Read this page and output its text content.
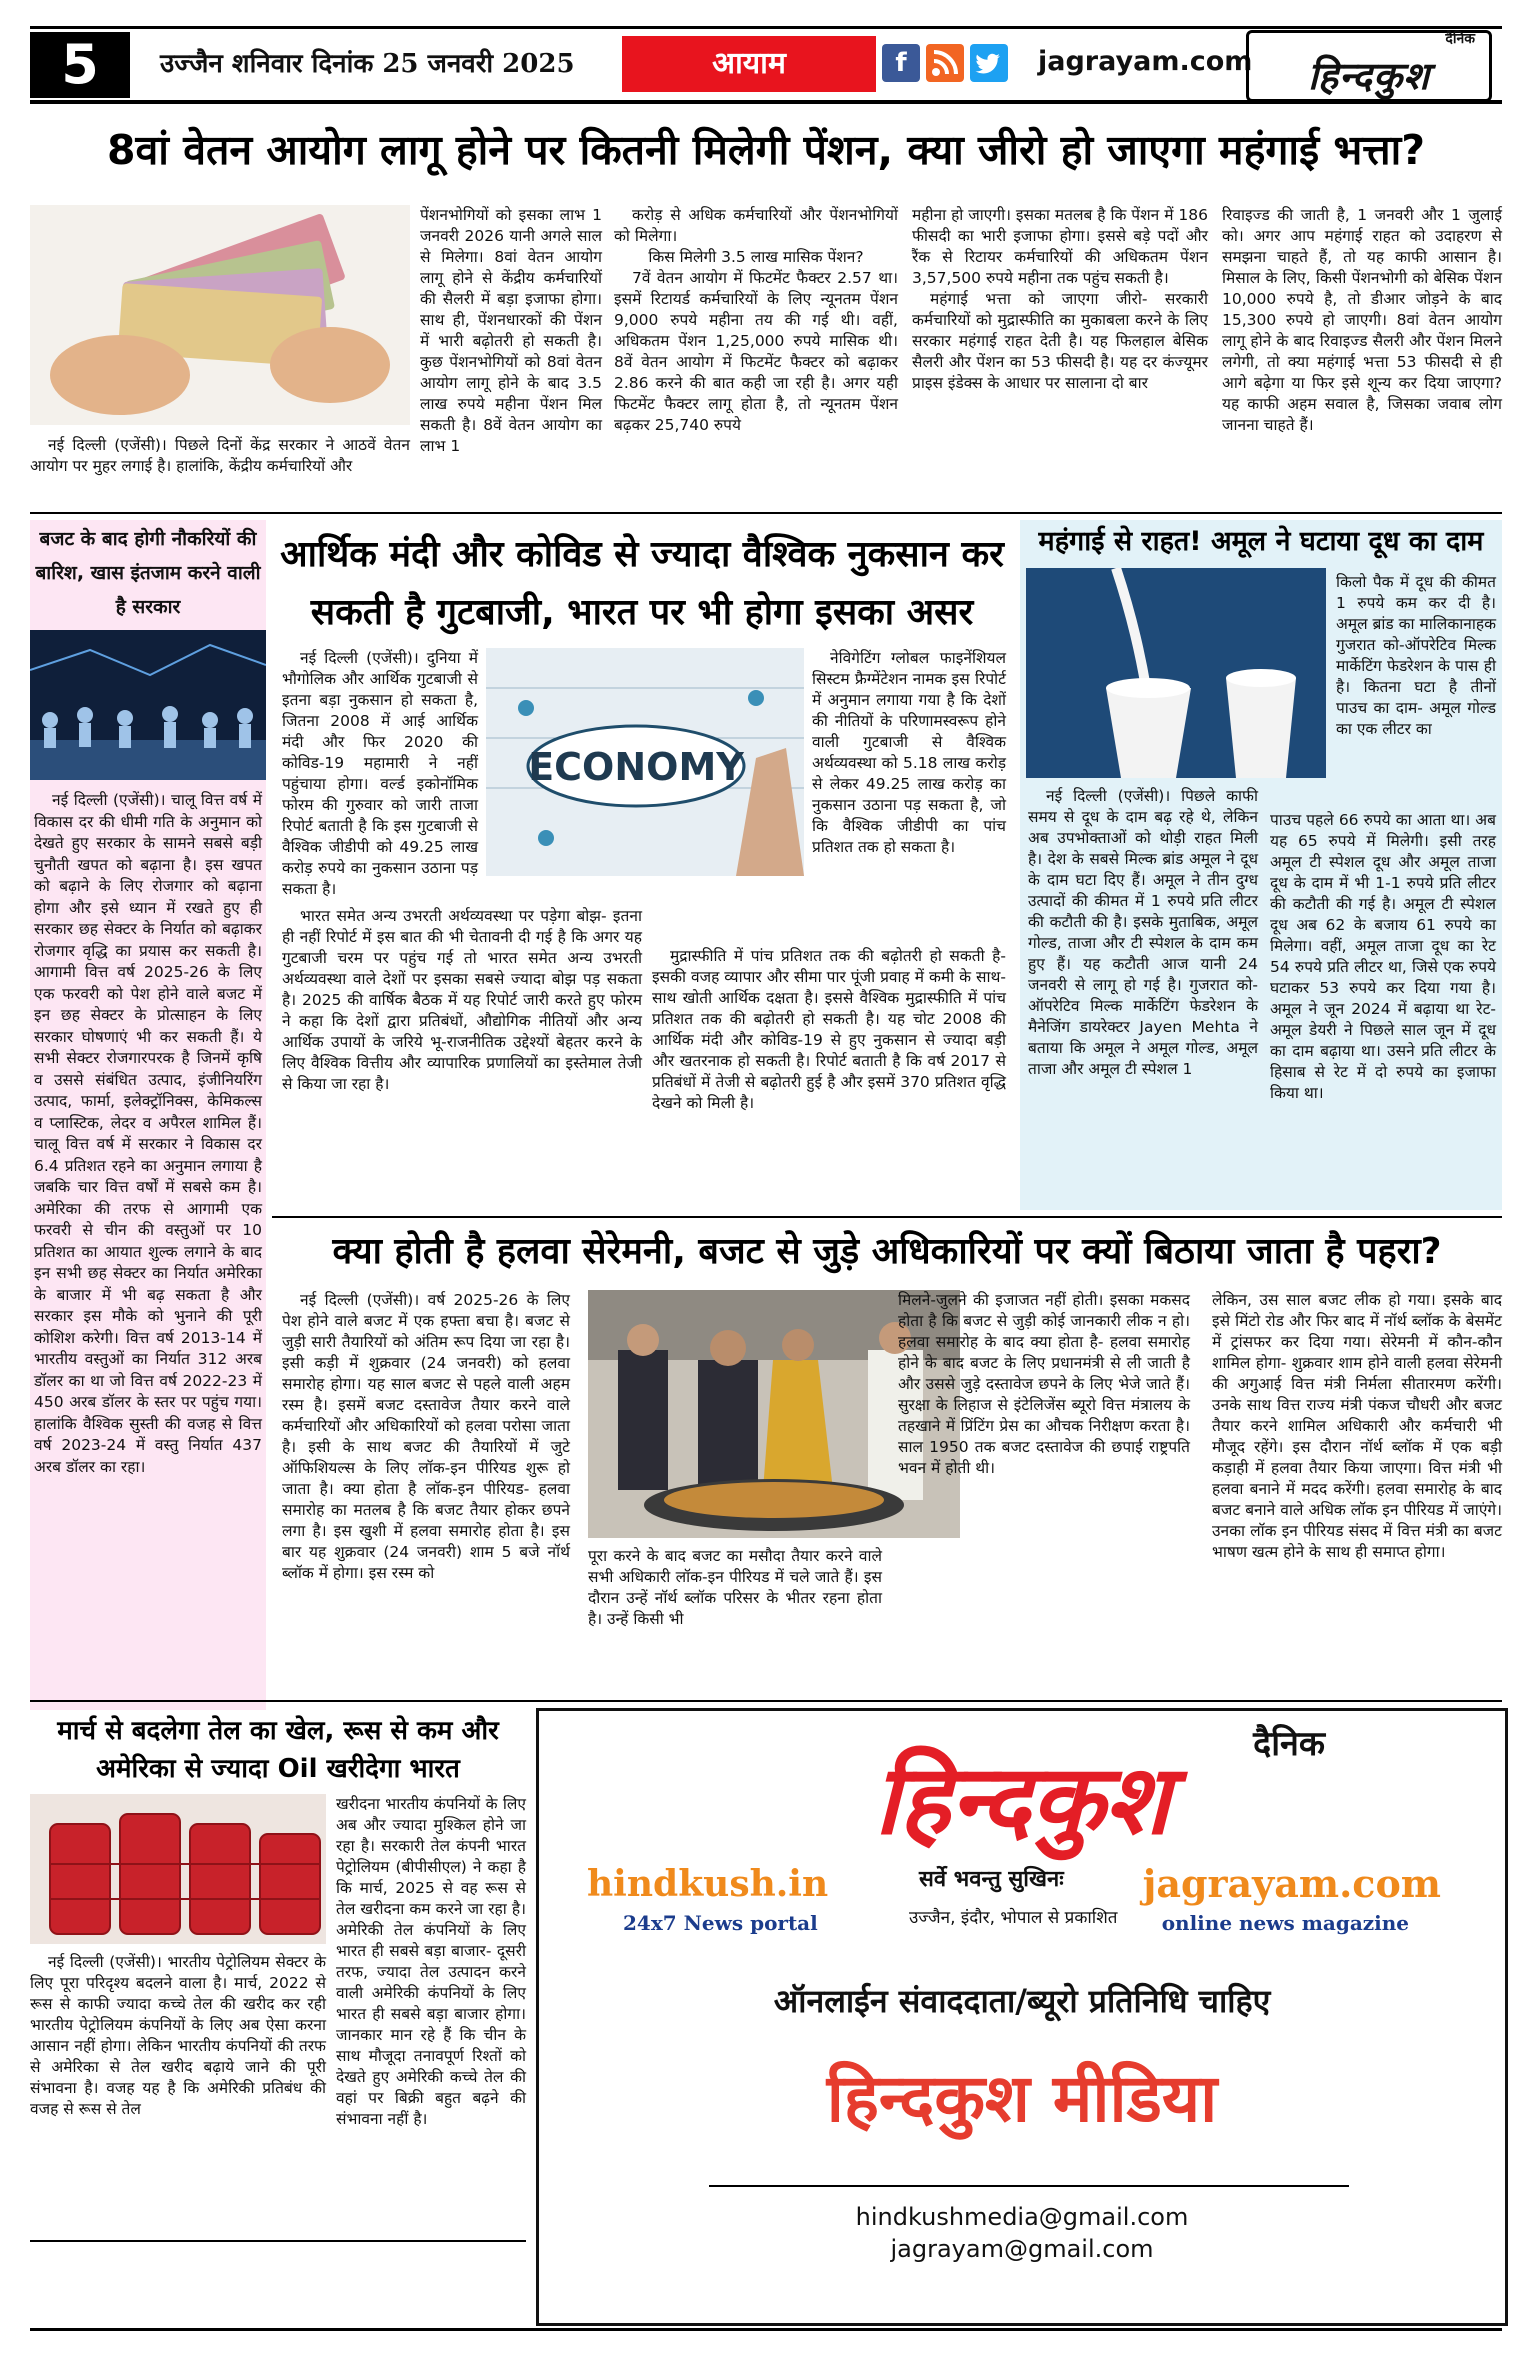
5	उज्जैन शनिवार दिनांक 25 जनवरी 2025	आयाम	f	jagrayam.com
दैनिक
हिन्दकुश
8वां वेतन आयोग लागू होने पर कितनी मिलेगी पेंशन, क्या जीरो हो जाएगा महंगाई भत्ता?
नई दिल्ली (एजेंसी)। पिछले दिनों केंद्र सरकार ने आठवें वेतन आयोग पर मुहर लगाई है। हालांकि, केंद्रीय कर्मचारियों और
पेंशनभोगियों को इसका लाभ 1 जनवरी 2026 यानी अगले साल से मिलेगा। 8वां वेतन आयोग लागू होने से केंद्रीय कर्मचारियों की सैलरी में बड़ा इजाफा होगा। साथ ही, पेंशनधारकों की पेंशन में भारी बढ़ोतरी हो सकती है। कुछ पेंशनभोगियों को 8वां वेतन आयोग लागू होने के बाद 3.5 लाख रुपये महीना पेंशन मिल सकती है। 8वें वेतन आयोग का लाभ 1

करोड़ से अधिक कर्मचारियों और पेंशनभोगियों को मिलेगा।

किस मिलेगी 3.5 लाख मासिक पेंशन?

7वें वेतन आयोग में फिटमेंट फैक्टर 2.57 था। इसमें रिटायर्ड कर्मचारियों के लिए न्यूनतम पेंशन 9,000 रुपये महीना तय की गई थी। वहीं, अधिकतम पेंशन 1,25,000 रुपये मासिक थी। 8वें वेतन आयोग में फिटमेंट फैक्टर को बढ़ाकर 2.86 करने की बात कही जा रही है। अगर यही फिटमेंट फैक्टर लागू होता है, तो न्यूनतम पेंशन बढ़कर 25,740 रुपये

महीना हो जाएगी। इसका मतलब है कि पेंशन में 186 फीसदी का भारी इजाफा होगा। इससे बड़े पदों और रैंक से रिटायर कर्मचारियों की अधिकतम पेंशन 3,57,500 रुपये महीना तक पहुंच सकती है।

महंगाई भत्ता को जाएगा जीरो- सरकारी कर्मचारियों को मुद्रास्फीति का मुकाबला करने के लिए सरकार महंगाई राहत देती है। यह फिलहाल बेसिक सैलरी और पेंशन का 53 फीसदी है। यह दर कंज्यूमर प्राइस इंडेक्स के आधार पर सालाना दो बार

रिवाइज्ड की जाती है, 1 जनवरी और 1 जुलाई को। अगर आप महंगाई राहत को उदाहरण से समझना चाहते हैं, तो यह काफी आसान है। मिसाल के लिए, किसी पेंशनभोगी को बेसिक पेंशन 10,000 रुपये है, तो डीआर जोड़ने के बाद 15,300 रुपये हो जाएगी। 8वां वेतन आयोग लागू होने के बाद रिवाइज्ड सैलरी और पेंशन मिलने लगेगी, तो क्या महंगाई भत्ता 53 फीसदी से ही आगे बढ़ेगा या फिर इसे शून्य कर दिया जाएगा? यह काफी अहम सवाल है, जिसका जवाब लोग जानना चाहते हैं।
बजट के बाद होगी नौकरियों की बारिश, खास इंतजाम करने वाली है सरकार
नई दिल्ली (एजेंसी)। चालू वित्त वर्ष में विकास दर की धीमी गति के अनुमान को देखते हुए सरकार के सामने सबसे बड़ी चुनौती खपत को बढ़ाना है। इस खपत को बढ़ाने के लिए रोजगार को बढ़ाना होगा और इसे ध्यान में रखते हुए ही सरकार छह सेक्टर के निर्यात को बढ़ाकर रोजगार वृद्धि का प्रयास कर सकती है। आगामी वित्त वर्ष 2025-26 के लिए एक फरवरी को पेश होने वाले बजट में इन छह सेक्टर के प्रोत्साहन के लिए सरकार घोषणाएं भी कर सकती हैं। ये सभी सेक्टर रोजगारपरक है जिनमें कृषि व उससे संबंधित उत्पाद, इंजीनियरिंग उत्पाद, फार्मा, इलेक्ट्रॉनिक्स, केमिकल्स व प्लास्टिक, लेदर व अपैरल शामिल हैं। चालू वित्त वर्ष में सरकार ने विकास दर 6.4 प्रतिशत रहने का अनुमान लगाया है जबकि चार वित्त वर्षों में सबसे कम है। अमेरिका की तरफ से आगामी एक फरवरी से चीन की वस्तुओं पर 10 प्रतिशत का आयात शुल्क लगाने के बाद इन सभी छह सेक्टर का निर्यात अमेरिका के बाजार में भी बढ़ सकता है और सरकार इस मौके को भुनाने की पूरी कोशिश करेगी। वित्त वर्ष 2013-14 में भारतीय वस्तुओं का निर्यात 312 अरब डॉलर का था जो वित्त वर्ष 2022-23 में 450 अरब डॉलर के स्तर पर पहुंच गया। हालांकि वैश्विक सुस्ती की वजह से वित्त वर्ष 2023-24 में वस्तु निर्यात 437 अरब डॉलर का रहा।
आर्थिक मंदी और कोविड से ज्यादा वैश्विक नुकसान कर सकती है गुटबाजी, भारत पर भी होगा इसका असर
नई दिल्ली (एजेंसी)। दुनिया में भौगोलिक और आर्थिक गुटबाजी से इतना बड़ा नुकसान हो सकता है, जितना 2008 में आई आर्थिक मंदी और फिर 2020 की कोविड-19 महामारी ने नहीं पहुंचाया होगा। वर्ल्ड इकोनॉमिक फोरम की गुरुवार को जारी ताजा रिपोर्ट बताती है कि इस गुटबाजी से वैश्विक जीडीपी को 49.25 लाख करोड़ रुपये का नुकसान उठाना पड़ सकता है।
ECONOMY
भारत समेत अन्य उभरती अर्थव्यवस्था पर पड़ेगा बोझ- इतना ही नहीं रिपोर्ट में इस बात की भी चेतावनी दी गई है कि अगर यह गुटबाजी चरम पर पहुंच गई तो भारत समेत अन्य उभरती अर्थव्यवस्था वाले देशों पर इसका सबसे ज्यादा बोझ पड़ सकता है। 2025 की वार्षिक बैठक में यह रिपोर्ट जारी करते हुए फोरम ने कहा कि देशों द्वारा प्रतिबंधों, औद्योगिक नीतियों और अन्य आर्थिक उपायों के जरिये भू-राजनीतिक उद्देश्यों बेहतर करने के लिए वैश्विक वित्तीय और व्यापारिक प्रणालियों का इस्तेमाल तेजी से किया जा रहा है।
नेविगेटिंग ग्लोबल फाइनेंशियल सिस्टम फ्रैग्मेंटेशन नामक इस रिपोर्ट में अनुमान लगाया गया है कि देशों की नीतियों के परिणामस्वरूप होने वाली गुटबाजी से वैश्विक अर्थव्यवस्था को 5.18 लाख करोड़ से लेकर 49.25 लाख करोड़ का नुकसान उठाना पड़ सकता है, जो कि वैश्विक जीडीपी का पांच प्रतिशत तक हो सकता है।
मुद्रास्फीति में पांच प्रतिशत तक की बढ़ोतरी हो सकती है- इसकी वजह व्यापार और सीमा पार पूंजी प्रवाह में कमी के साथ-साथ खोती आर्थिक दक्षता है। इससे वैश्विक मुद्रास्फीति में पांच प्रतिशत तक की बढ़ोतरी हो सकती है। यह चोट 2008 की आर्थिक मंदी और कोविड-19 से हुए नुकसान से ज्यादा बड़ी और खतरनाक हो सकती है। रिपोर्ट बताती है कि वर्ष 2017 से प्रतिबंधों में तेजी से बढ़ोतरी हुई है और इसमें 370 प्रतिशत वृद्धि देखने को मिली है।
महंगाई से राहत! अमूल ने घटाया दूध का दाम
किलो पैक में दूध की कीमत 1 रुपये कम कर दी है। अमूल ब्रांड का मालिकानाहक गुजरात को-ऑपरेटिव मिल्क मार्केटिंग फेडरेशन के पास ही है। कितना घटा है तीनों पाउच का दाम- अमूल गोल्ड का एक लीटर का
नई दिल्ली (एजेंसी)। पिछले काफी समय से दूध के दाम बढ़ रहे थे, लेकिन अब उपभोक्ताओं को थोड़ी राहत मिली है। देश के सबसे मिल्क ब्रांड अमूल ने दूध के दाम घटा दिए हैं। अमूल ने तीन दुग्ध उत्पादों की कीमत में 1 रुपये प्रति लीटर की कटौती की है। इसके मुताबिक, अमूल गोल्ड, ताजा और टी स्पेशल के दाम कम हुए हैं। यह कटौती आज यानी 24 जनवरी से लागू हो गई है। गुजरात को-ऑपरेटिव मिल्क मार्केटिंग फेडरेशन के मैनेजिंग डायरेक्टर Jayen Mehta ने बताया कि अमूल ने अमूल गोल्ड, अमूल ताजा और अमूल टी स्पेशल 1
पाउच पहले 66 रुपये का आता था। अब यह 65 रुपये में मिलेगी। इसी तरह अमूल टी स्पेशल दूध और अमूल ताजा दूध के दाम में भी 1-1 रुपये प्रति लीटर की कटौती की गई है। अमूल टी स्पेशल दूध अब 62 के बजाय 61 रुपये का मिलेगा। वहीं, अमूल ताजा दूध का रेट 54 रुपये प्रति लीटर था, जिसे एक रुपये घटाकर 53 रुपये कर दिया गया है। अमूल ने जून 2024 में बढ़ाया था रेट- अमूल डेयरी ने पिछले साल जून में दूध का दाम बढ़ाया था। उसने प्रति लीटर के हिसाब से रेट में दो रुपये का इजाफा किया था।
क्या होती है हलवा सेरेमनी, बजट से जुड़े अधिकारियों पर क्यों बिठाया जाता है पहरा?
नई दिल्ली (एजेंसी)। वर्ष 2025-26 के लिए पेश होने वाले बजट में एक हफ्ता बचा है। बजट से जुड़ी सारी तैयारियों को अंतिम रूप दिया जा रहा है। इसी कड़ी में शुक्रवार (24 जनवरी) को हलवा समारोह होगा। यह साल बजट से पहले वाली अहम रस्म है। इसमें बजट दस्तावेज तैयार करने वाले कर्मचारियों और अधिकारियों को हलवा परोसा जाता है। इसी के साथ बजट की तैयारियों में जुटे ऑफिशियल्स के लिए लॉक-इन पीरियड शुरू हो जाता है। क्या होता है लॉक-इन पीरियड- हलवा समारोह का मतलब है कि बजट तैयार होकर छपने लगा है। इस खुशी में हलवा समारोह होता है। इस बार यह शुक्रवार (24 जनवरी) शाम 5 बजे नॉर्थ ब्लॉक में होगा। इस रस्म को
पूरा करने के बाद बजट का मसौदा तैयार करने वाले सभी अधिकारी लॉक-इन पीरियड में चले जाते हैं। इस दौरान उन्हें नॉर्थ ब्लॉक परिसर के भीतर रहना होता है। उन्हें किसी भी
मिलने-जुलने की इजाजत नहीं होती। इसका मकसद होता है कि बजट से जुड़ी कोई जानकारी लीक न हो। हलवा समारोह के बाद क्या होता है- हलवा समारोह होने के बाद बजट के लिए प्रधानमंत्री से ली जाती है और उससे जुड़े दस्तावेज छपने के लिए भेजे जाते हैं। सुरक्षा के लिहाज से इंटेलिजेंस ब्यूरो वित्त मंत्रालय के तहखाने में प्रिंटिंग प्रेस का औचक निरीक्षण करता है। साल 1950 तक बजट दस्तावेज की छपाई राष्ट्रपति भवन में होती थी।
लेकिन, उस साल बजट लीक हो गया। इसके बाद इसे मिंटो रोड और फिर बाद में नॉर्थ ब्लॉक के बेसमेंट में ट्रांसफर कर दिया गया। सेरेमनी में कौन-कौन शामिल होगा- शुक्रवार शाम होने वाली हलवा सेरेमनी की अगुआई वित्त मंत्री निर्मला सीतारमण करेंगी। उनके साथ वित्त राज्य मंत्री पंकज चौधरी और बजट तैयार करने शामिल अधिकारी और कर्मचारी भी मौजूद रहेंगे। इस दौरान नॉर्थ ब्लॉक में एक बड़ी कड़ाही में हलवा तैयार किया जाएगा। वित्त मंत्री भी हलवा बनाने में मदद करेंगी। हलवा समारोह के बाद बजट बनाने वाले अधिक लॉक इन पीरियड में जाएंगे। उनका लॉक इन पीरियड संसद में वित्त मंत्री का बजट भाषण खत्म होने के साथ ही समाप्त होगा।
मार्च से बदलेगा तेल का खेल, रूस से कम और अमेरिका से ज्यादा Oil खरीदेगा भारत
नई दिल्ली (एजेंसी)। भारतीय पेट्रोलियम सेक्टर के लिए पूरा परिदृश्य बदलने वाला है। मार्च, 2022 से रूस से काफी ज्यादा कच्चे तेल की खरीद कर रही भारतीय पेट्रोलियम कंपनियों के लिए अब ऐसा करना आसान नहीं होगा। लेकिन भारतीय कंपनियों की तरफ से अमेरिका से तेल खरीद बढ़ाये जाने की पूरी संभावना है। वजह यह है कि अमेरिकी प्रतिबंध की वजह से रूस से तेल
खरीदना भारतीय कंपनियों के लिए अब और ज्यादा मुश्किल होने जा रहा है। सरकारी तेल कंपनी भारत पेट्रोलियम (बीपीसीएल) ने कहा है कि मार्च, 2025 से वह रूस से तेल खरीदना कम करने जा रहा है। अमेरिकी तेल कंपनियों के लिए भारत ही सबसे बड़ा बाजार- दूसरी तरफ, ज्यादा तेल उत्पादन करने वाली अमेरिकी कंपनियों के लिए भारत ही सबसे बड़ा बाजार होगा। जानकार मान रहे हैं कि चीन के साथ मौजूदा तनावपूर्ण रिश्तों को देखते हुए अमेरिकी कच्चे तेल की वहां पर बिक्री बहुत बढ़ने की संभावना नहीं है।
दैनिक
हिन्दकुश
hindkush.in
24x7 News portal
सर्वे भवन्तु सुखिनः
उज्जैन, इंदौर, भोपाल से प्रकाशित
jagrayam.com
online news magazine
ऑनलाईन संवाददाता/ब्यूरो प्रतिनिधि चाहिए
हिन्दकुश मीडिया
hindkushmedia@gmail.com
jagrayam@gmail.com
